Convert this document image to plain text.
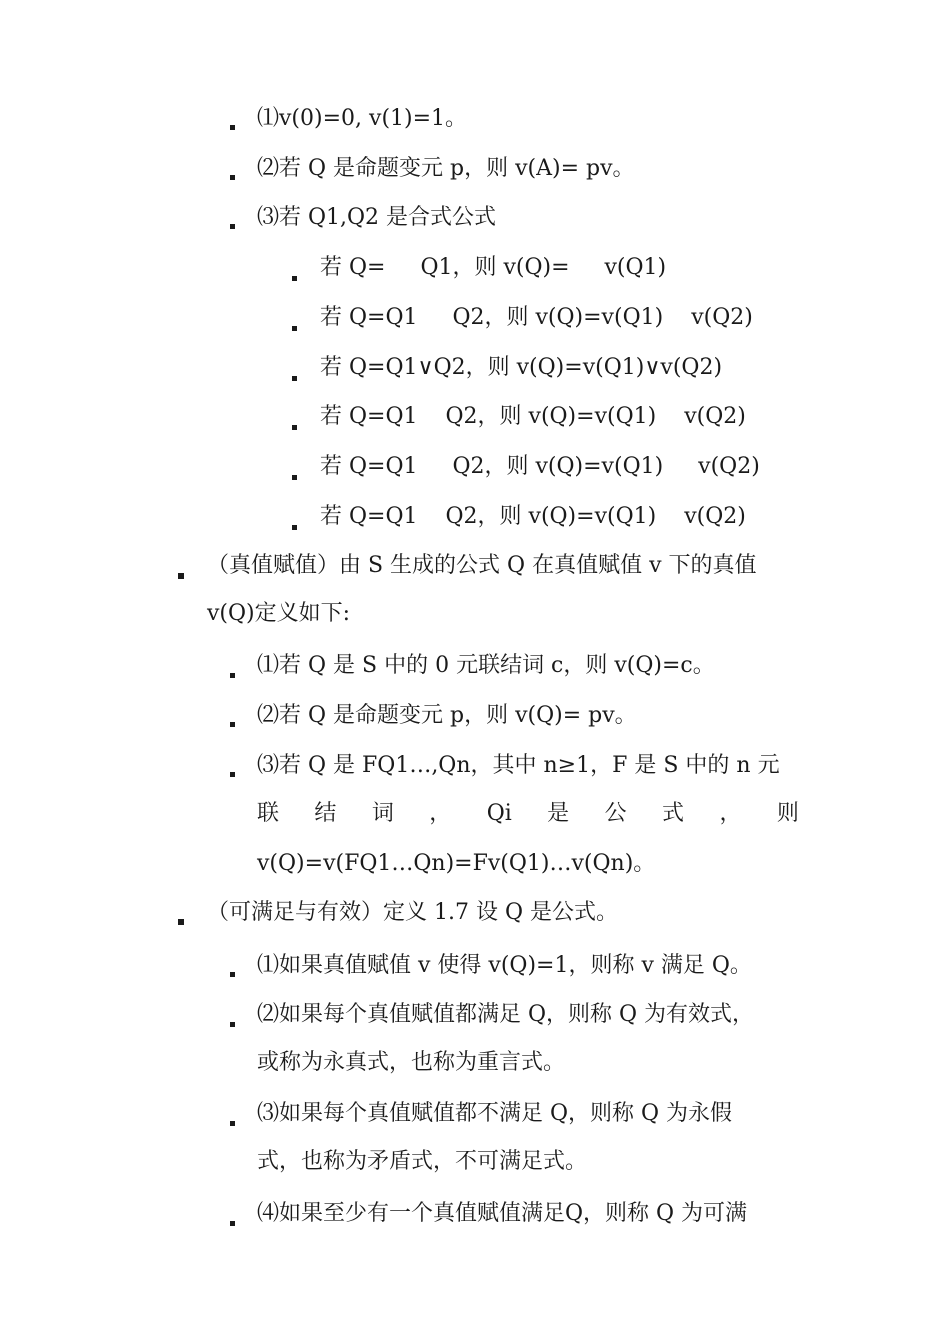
⑴v(0)=0, v(1)=1。
⑵若 Q 是命题变元 p，则 v(A)= pv。
⑶若 Q1,Q2 是合式公式
若 Q= Q1，则 v(Q)= v(Q1)
若 Q=Q1 Q2，则 v(Q)=v(Q1) v(Q2)
若 Q=Q1∨Q2，则 v(Q)=v(Q1)∨v(Q2)
若 Q=Q1 Q2，则 v(Q)=v(Q1) v(Q2)
若 Q=Q1 Q2，则 v(Q)=v(Q1) v(Q2)
若 Q=Q1 Q2，则 v(Q)=v(Q1) v(Q2)
（真值赋值）由 S 生成的公式 Q 在真值赋值 v 下的真值
v(Q)定义如下:
⑴若 Q 是 S 中的 0 元联结词 c，则 v(Q)=c。
⑵若 Q 是命题变元 p，则 v(Q)= pv。
⑶若 Q 是 FQ1…,Qn，其中 n≥1，F 是 S 中的 n 元
联 结 词 ， Qi 是 公 式 ， 则
v(Q)=v(FQ1…Qn)=Fv(Q1)…v(Qn)。
（可满足与有效）定义 1.7 设 Q 是公式。
⑴如果真值赋值 v 使得 v(Q)=1，则称 v 满足 Q。
⑵如果每个真值赋值都满足 Q，则称 Q 为有效式，
或称为永真式，也称为重言式。
⑶如果每个真值赋值都不满足 Q，则称 Q 为永假
式，也称为矛盾式，不可满足式。
⑷如果至少有一个真值赋值满足Q，则称 Q 为可满
